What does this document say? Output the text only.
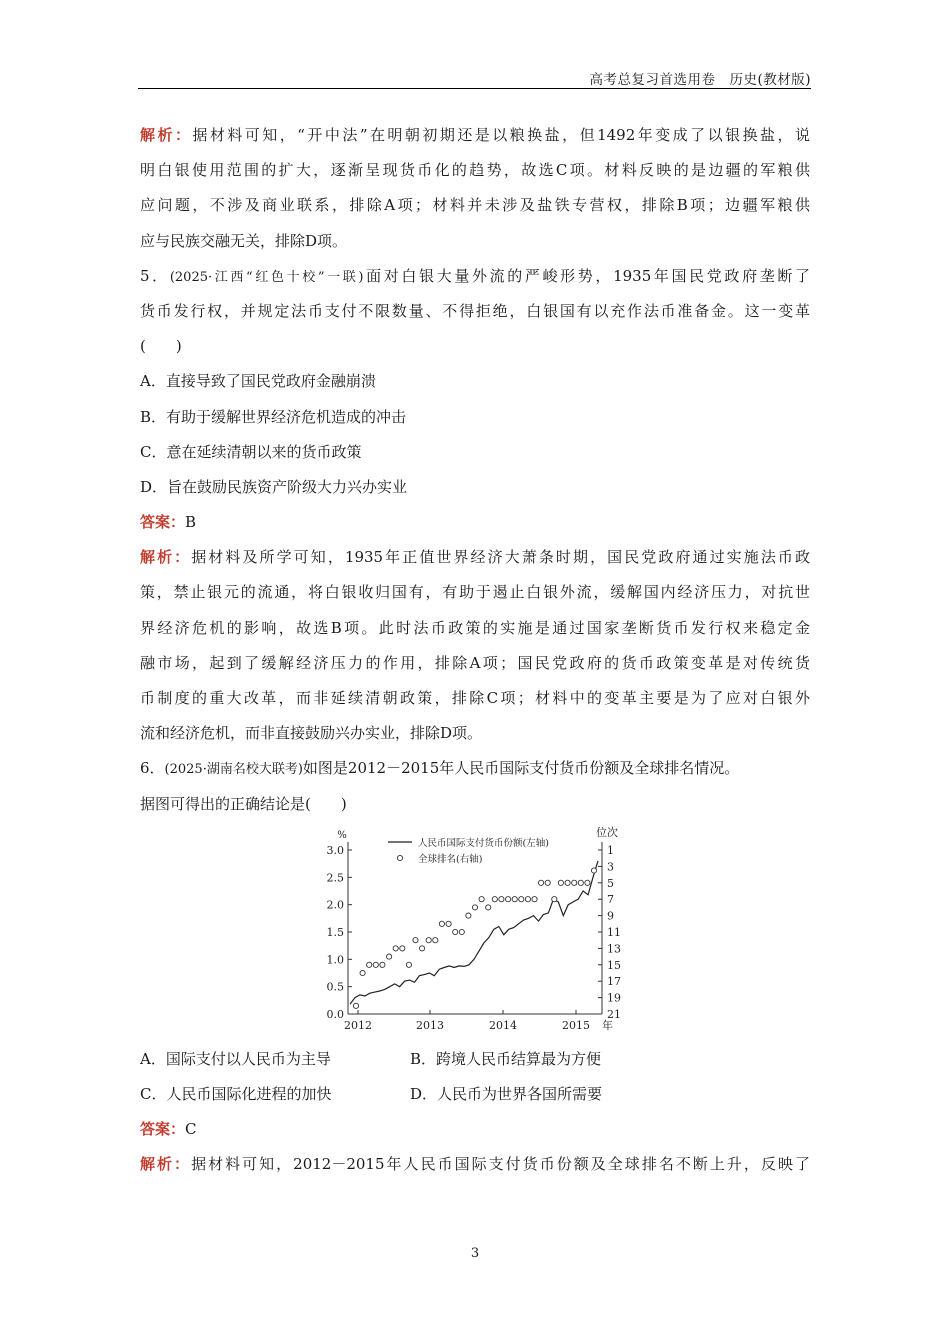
高考总复习首选用卷　历史(教材版)
解析：据材料可知，“开中法”在明朝初期还是以粮换盐，但1492年变成了以银换盐，说
明白银使用范围的扩大，逐渐呈现货币化的趋势，故选C项。材料反映的是边疆的军粮供
应问题，不涉及商业联系，排除A项；材料并未涉及盐铁专营权，排除B项；边疆军粮供
应与民族交融无关，排除D项。
5．(2025·江西“红色十校”一联)面对白银大量外流的严峻形势，1935年国民党政府垄断了
货币发行权，并规定法币支付不限数量、不得拒绝，白银国有以充作法币准备金。这一变革
(　　)
A．直接导致了国民党政府金融崩溃
B．有助于缓解世界经济危机造成的冲击
C．意在延续清朝以来的货币政策
D．旨在鼓励民族资产阶级大力兴办实业
答案：B
解析：据材料及所学可知，1935年正值世界经济大萧条时期，国民党政府通过实施法币政
策，禁止银元的流通，将白银收归国有，有助于遏止白银外流，缓解国内经济压力，对抗世
界经济危机的影响，故选B项。此时法币政策的实施是通过国家垄断货币发行权来稳定金
融市场，起到了缓解经济压力的作用，排除A项；国民党政府的货币政策变革是对传统货
币制度的重大改革，而非延续清朝政策，排除C项；材料中的变革主要是为了应对白银外
流和经济危机，而非直接鼓励兴办实业，排除D项。
6．(2025·湖南名校大联考)如图是2012－2015年人民币国际支付货币份额及全球排名情况。
据图可得出的正确结论是(　　)
3.0
2.5
2.0
1.5
1.0
0.5
0.0
%
1
3
5
7
9
11
13
15
17
19
21
位次
2012	2013	2014	2015 年
人民币国际支付货币份额(左轴)
全球排名(右轴)
A．国际支付以人民币为主导	B．跨境人民币结算最为方便
C．人民币国际化进程的加快	D．人民币为世界各国所需要
答案：C
解析：据材料可知，2012－2015年人民币国际支付货币份额及全球排名不断上升，反映了
3
